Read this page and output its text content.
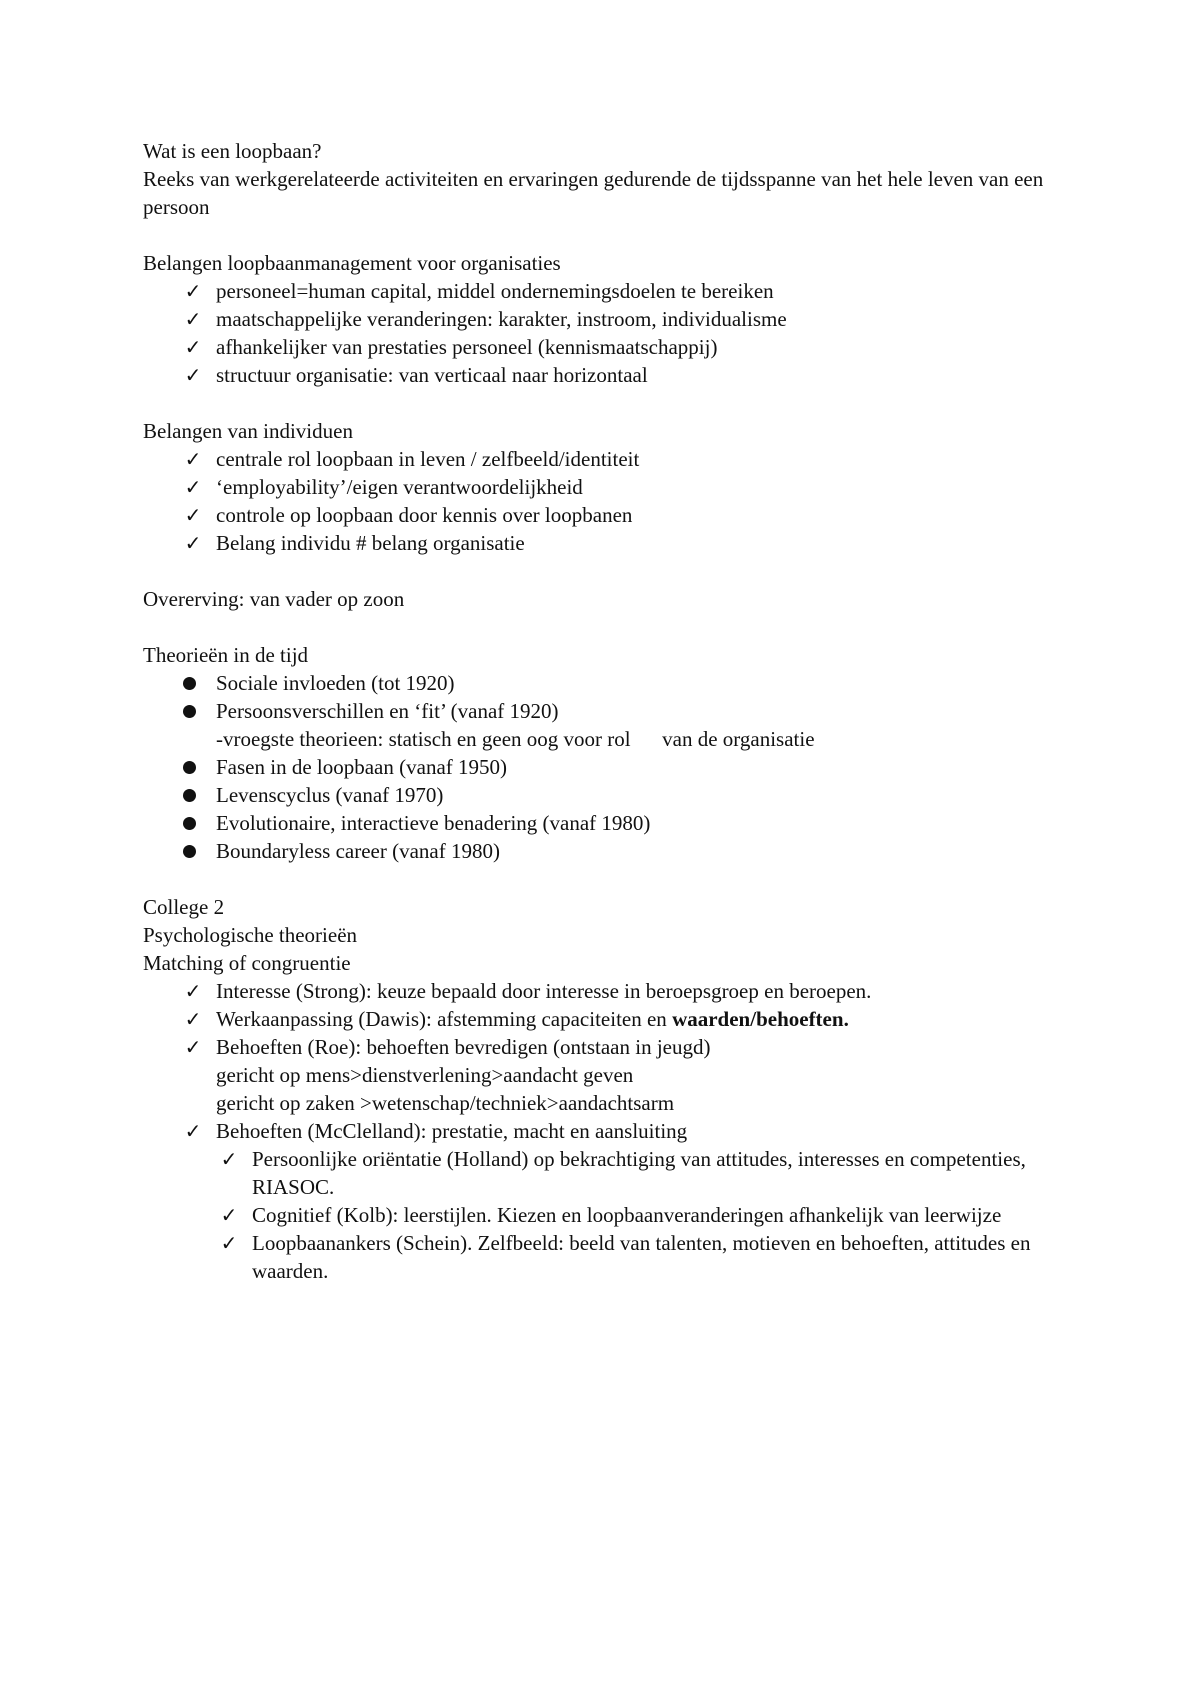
Wat is een loopbaan?

Reeks van werkgerelateerde activiteiten en ervaringen gedurende de tijdsspanne van het hele leven van een persoon

Belangen loopbaanmanagement voor organisaties

✓ personeel=human capital, middel ondernemingsdoelen te bereiken
✓ maatschappelijke veranderingen: karakter, instroom, individualisme
✓ afhankelijker van prestaties personeel (kennismaatschappij)
✓ structuur organisatie: van verticaal naar horizontaal

Belangen van individuen

✓ centrale rol loopbaan in leven / zelfbeeld/identiteit
✓ ‘employability’/eigen verantwoordelijkheid
✓ controle op loopbaan door kennis over loopbanen
✓ Belang individu # belang organisatie

Overerving: van vader op zoon

Theorieën in de tijd

Sociale invloeden (tot 1920)
Persoonsverschillen en ‘fit’ (vanaf 1920)
-vroegste theorieen: statisch en geen oog voor rol      van de organisatie
Fasen in de loopbaan (vanaf 1950)
Levenscyclus (vanaf 1970)
Evolutionaire, interactieve benadering (vanaf 1980)
Boundaryless career (vanaf 1980)

College 2

Psychologische theorieën

Matching of congruentie

✓ Interesse (Strong): keuze bepaald door interesse in beroepsgroep en beroepen.
✓ Werkaanpassing (Dawis): afstemming capaciteiten en waarden/behoeften.
✓ Behoeften (Roe): behoeften bevredigen (ontstaan in jeugd)
gericht op mens>dienstverlening>aandacht geven
gericht op zaken >wetenschap/techniek>aandachtsarm
✓ Behoeften (McClelland): prestatie, macht en aansluiting
✓ Persoonlijke oriëntatie (Holland) op bekrachtiging van attitudes, interesses en competenties, RIASOC.
✓ Cognitief (Kolb): leerstijlen. Kiezen en loopbaanveranderingen afhankelijk van leerwijze
✓ Loopbaanankers (Schein). Zelfbeeld: beeld van talenten, motieven en behoeften, attitudes en waarden.
